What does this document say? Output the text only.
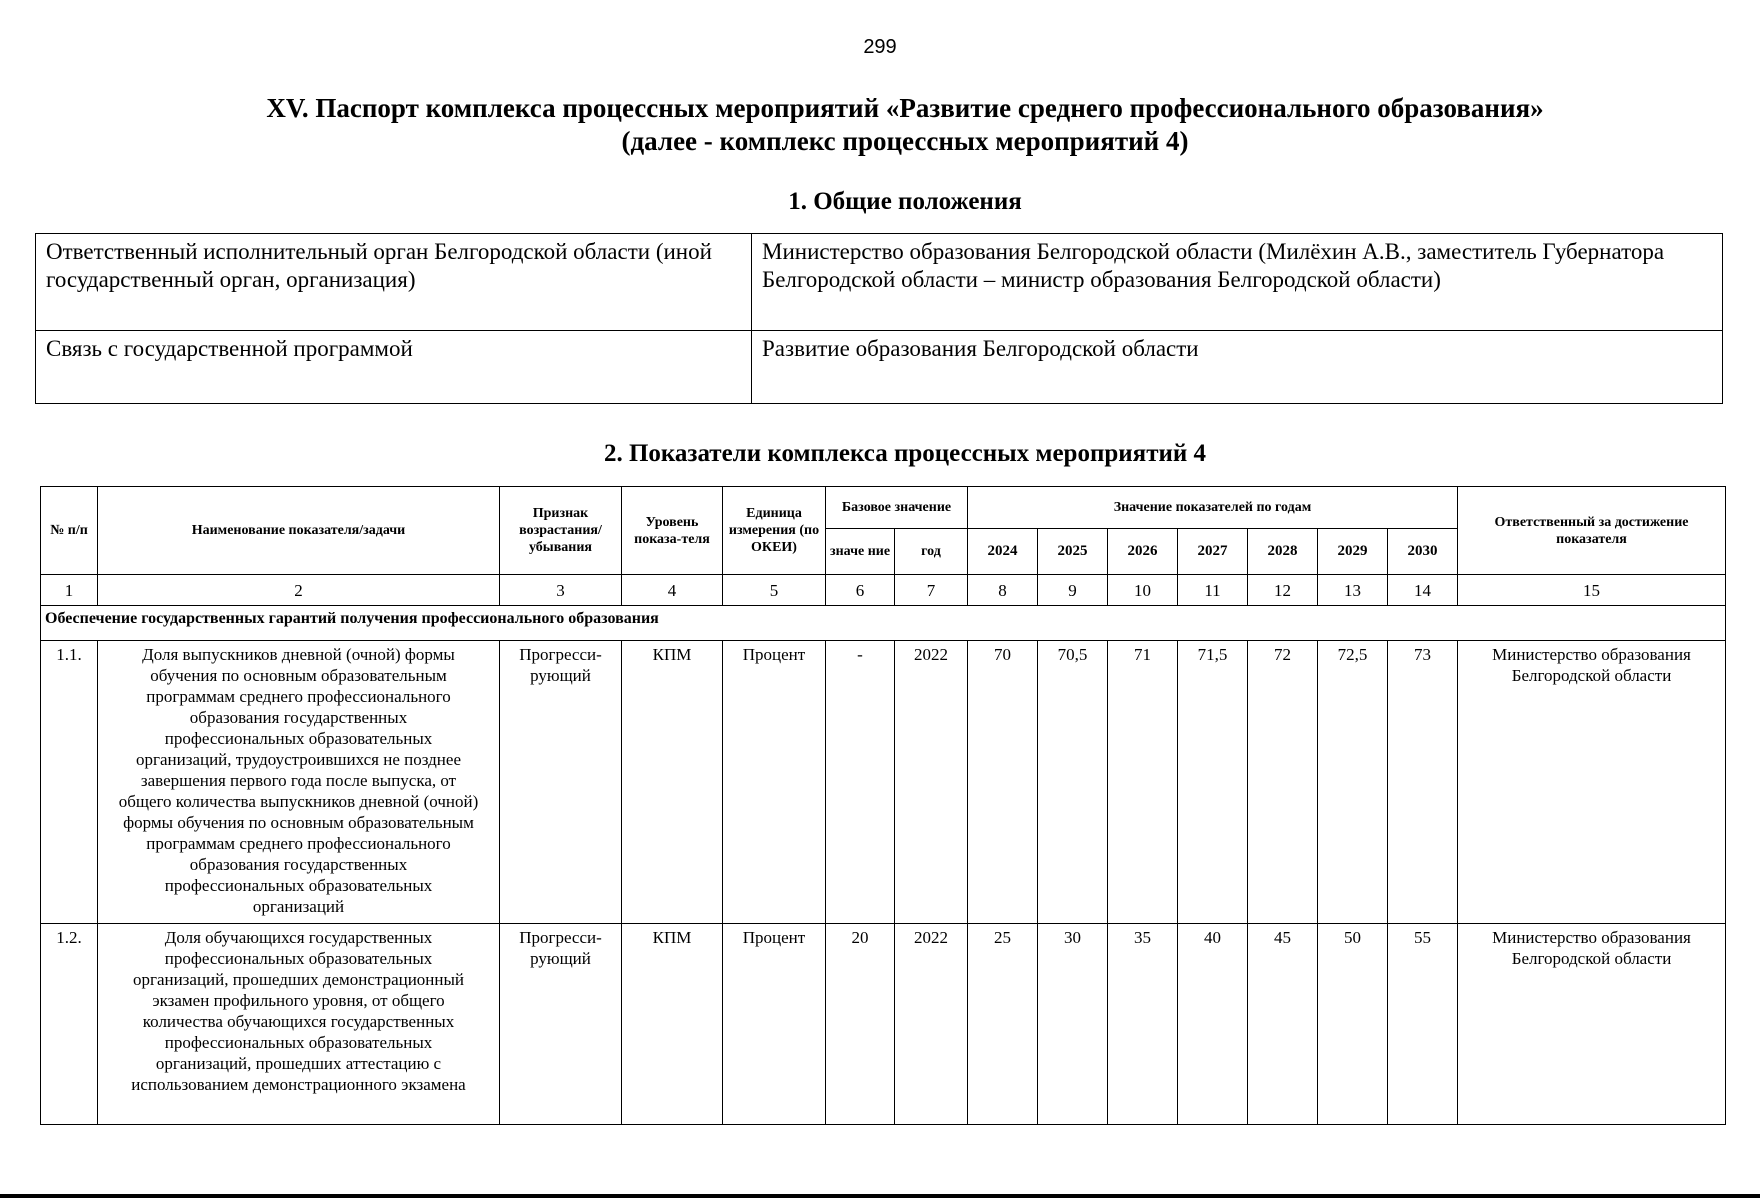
299
XV. Паспорт комплекса процессных мероприятий «Развитие среднего профессионального образования»
(далее - комплекс процессных мероприятий 4)
1. Общие положения
Ответственный исполнительный орган Белгородской области (иной государственный орган, организация)	Министерство образования Белгородской области (Милёхин А.В., заместитель Губернатора Белгородской области – министр образования Белгородской области)
Связь с государственной программой	Развитие образования Белгородской области
2. Показатели комплекса процессных мероприятий 4
№ п/п	Наименование показателя/задачи	Признак возрастания/ убывания	Уровень показа-теля	Единица измерения (по ОКЕИ)	Базовое значение		Значение показателей по годам							Ответственный за достижение показателя
					значе ние	год	2024	2025	2026	2027	2028	2029	2030	
1	2	3	4	5	6	7	8	9	10	11	12	13	14	15
Обеспечение государственных гарантий получения профессионального образования														
1.1.	Доля выпускников дневной (очной) формы обучения по основным образовательным программам среднего профессионального образования государственных профессиональных образовательных организаций, трудоустроившихся не позднее завершения первого года после выпуска, от общего количества выпускников дневной (очной) формы обучения по основным образовательным программам среднего профессионального образования государственных профессиональных образовательных организаций	Прогресси-рующий	КПМ	Процент	-	2022	70	70,5	71	71,5	72	72,5	73	Министерство образования Белгородской области
1.2.	Доля обучающихся государственных профессиональных образовательных организаций, прошедших демонстрационный экзамен профильного уровня, от общего количества обучающихся государственных профессиональных образовательных организаций, прошедших аттестацию с использованием демонстрационного экзамена	Прогресси-рующий	КПМ	Процент	20	2022	25	30	35	40	45	50	55	Министерство образования Белгородской области
